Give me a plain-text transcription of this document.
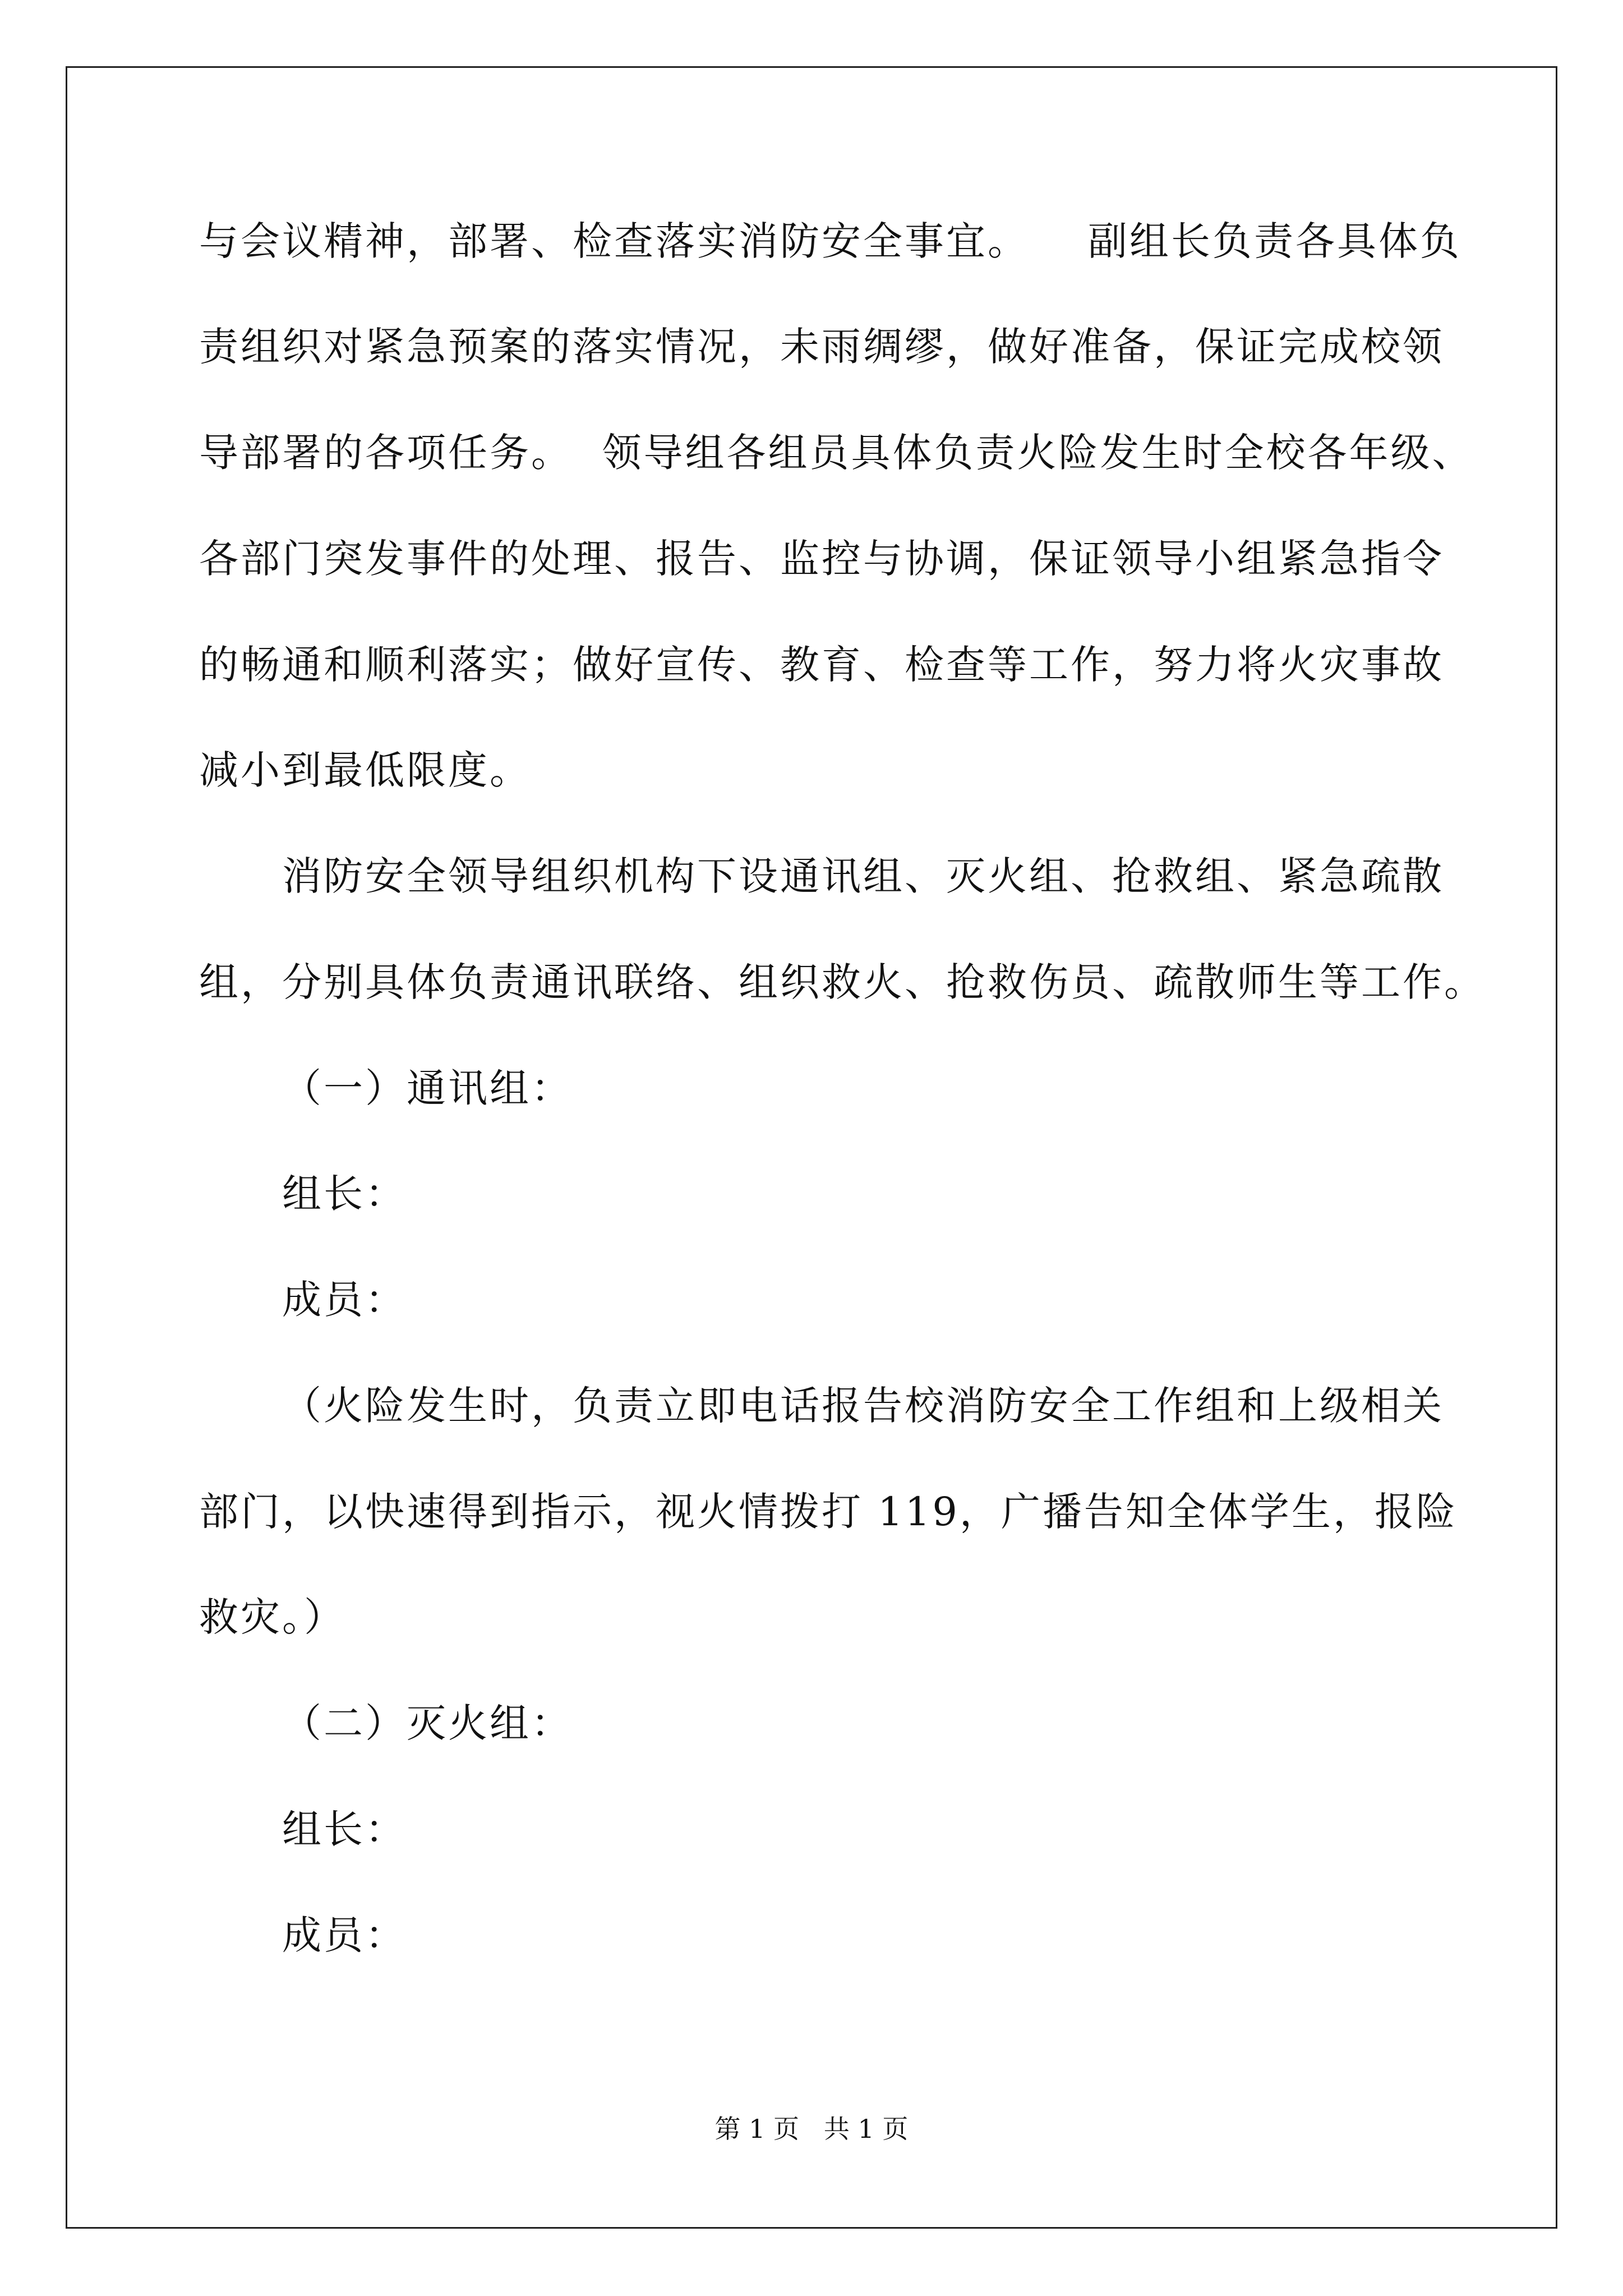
与会议精神，部署、检查落实消防安全事宜。    副组长负责各具体负
责组织对紧急预案的落实情况，未雨绸缪，做好准备，保证完成校领
导部署的各项任务。  领导组各组员具体负责火险发生时全校各年级、
各部门突发事件的处理、报告、监控与协调，保证领导小组紧急指令
的畅通和顺利落实；做好宣传、教育、检查等工作，努力将火灾事故
减小到最低限度。
消防安全领导组织机构下设通讯组、灭火组、抢救组、紧急疏散
组，分别具体负责通讯联络、组织救火、抢救伤员、疏散师生等工作。
（一）通讯组：
组长：
成员：
（火险发生时，负责立即电话报告校消防安全工作组和上级相关
部门，以快速得到指示，视火情拨打 119，广播告知全体学生，报险
救灾。）
（二）灭火组：
组长：
成员：
第 1 页   共 1 页
